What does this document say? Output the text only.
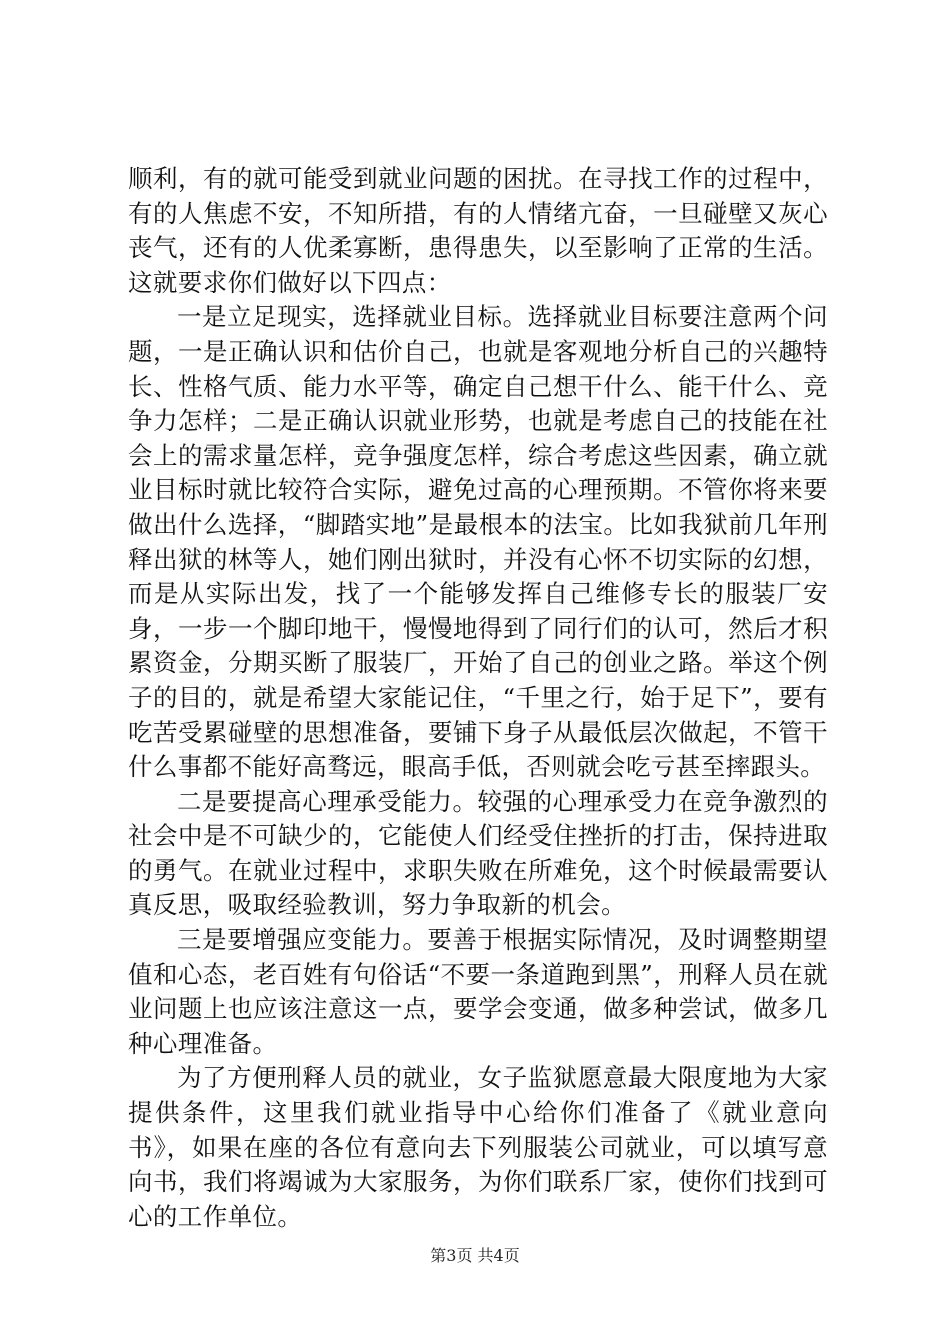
顺利，有的就可能受到就业问题的困扰。在寻找工作的过程中，有的人焦虑不安，不知所措，有的人情绪亢奋，一旦碰壁又灰心丧气，还有的人优柔寡断，患得患失，以至影响了正常的生活。这就要求你们做好以下四点：

一是立足现实，选择就业目标。选择就业目标要注意两个问题，一是正确认识和估价自己，也就是客观地分析自己的兴趣特长、性格气质、能力水平等，确定自己想干什么、能干什么、竞争力怎样；二是正确认识就业形势，也就是考虑自己的技能在社会上的需求量怎样，竞争强度怎样，综合考虑这些因素，确立就业目标时就比较符合实际，避免过高的心理预期。不管你将来要做出什么选择，“脚踏实地”是最根本的法宝。比如我狱前几年刑释出狱的林等人，她们刚出狱时，并没有心怀不切实际的幻想，而是从实际出发，找了一个能够发挥自己维修专长的服装厂安身，一步一个脚印地干，慢慢地得到了同行们的认可，然后才积累资金，分期买断了服装厂，开始了自己的创业之路。举这个例子的目的，就是希望大家能记住，“千里之行，始于足下”，要有吃苦受累碰壁的思想准备，要铺下身子从最低层次做起，不管干什么事都不能好高骛远，眼高手低，否则就会吃亏甚至摔跟头。

二是要提高心理承受能力。较强的心理承受力在竞争激烈的社会中是不可缺少的，它能使人们经受住挫折的打击，保持进取的勇气。在就业过程中，求职失败在所难免，这个时候最需要认真反思，吸取经验教训，努力争取新的机会。

三是要增强应变能力。要善于根据实际情况，及时调整期望值和心态，老百姓有句俗话“不要一条道跑到黑”，刑释人员在就业问题上也应该注意这一点，要学会变通，做多种尝试，做多几种心理准备。

为了方便刑释人员的就业，女子监狱愿意最大限度地为大家提供条件，这里我们就业指导中心给你们准备了《就业意向书》，如果在座的各位有意向去下列服装公司就业，可以填写意向书，我们将竭诚为大家服务，为你们联系厂家，使你们找到可心的工作单位。

第3页 共4页
